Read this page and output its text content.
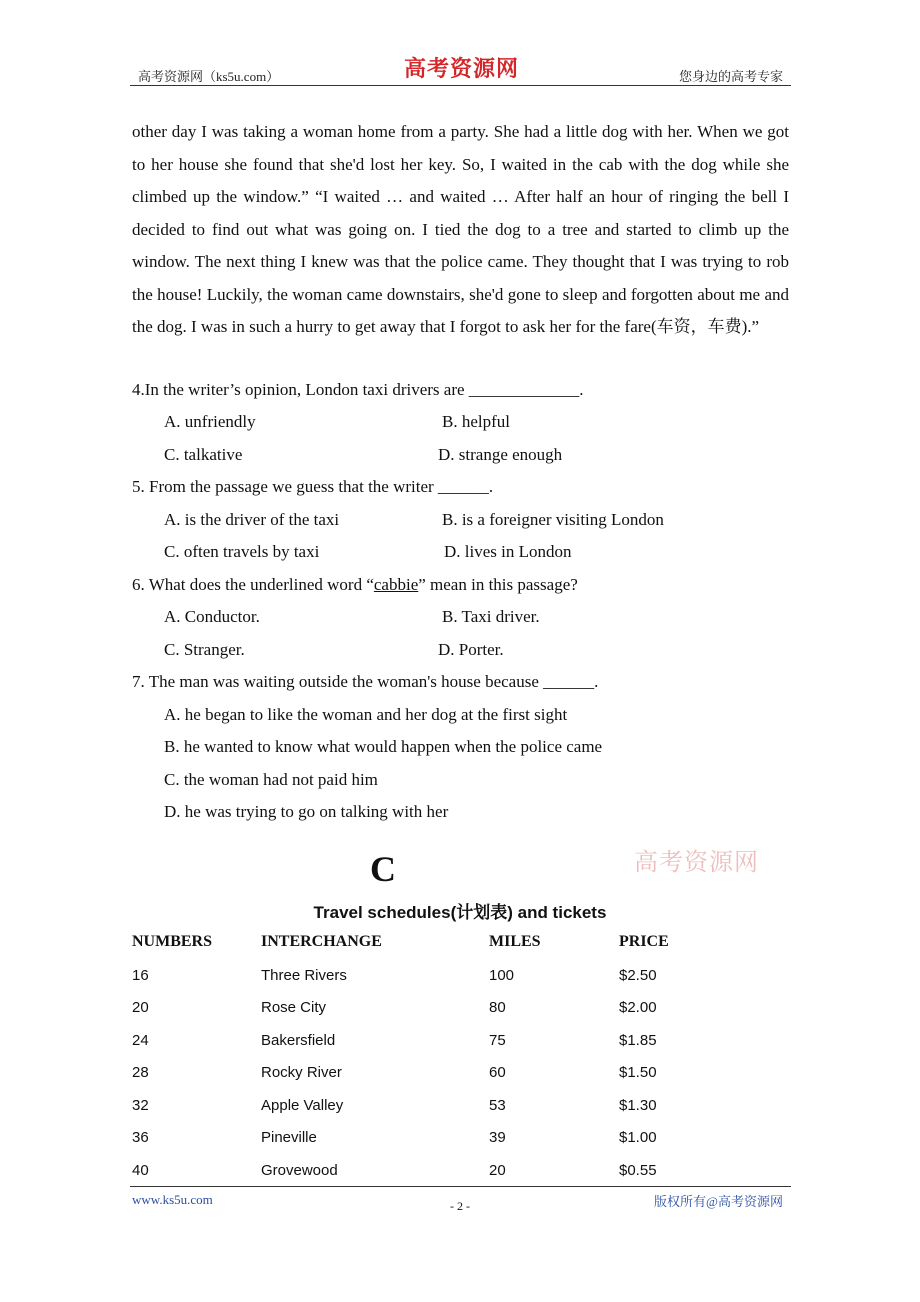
高考资源网（ks5u.com）	高考资源网	您身边的高考专家
other day I was taking a woman home from a party. She had a little dog with her. When we got to her house she found that she'd lost her key. So, I waited in the cab with the dog while she climbed up the window.” “I waited … and waited … After half an hour of ringing the bell I decided to find out what was going on. I tied the dog to a tree and started to climb up the window. The next thing I knew was that the police came. They thought that I was trying to rob the house! Luckily, the woman came downstairs, she'd gone to sleep and forgotten about me and the dog. I was in such a hurry to get away that I forgot to ask her for the fare(车资，车费).”
4.In the writer’s opinion, London taxi drivers are _____________.
A. unfriendly	B. helpful
C. talkative	D. strange enough
5. From the passage we guess that the writer ______.
A. is the driver of the taxi	B. is a foreigner visiting London
C. often travels by taxi	D. lives in London
6. What does the underlined word “cabbie” mean in this passage?
A. Conductor.	B. Taxi driver.
C. Stranger.	D. Porter.
7. The man was waiting outside the woman's house because ______.
A. he began to like the woman and her dog at the first sight
B. he wanted to know what would happen when the police came
C. the woman had not paid him
D. he was trying to go on talking with her
高考资源网
C
Travel schedules(计划表) and tickets
NUMBERS	INTERCHANGE	MILES	PRICE
16	Three Rivers	100	$2.50
20	Rose City	80	$2.00
24	Bakersfield	75	$1.85
28	Rocky River	60	$1.50
32	Apple Valley	53	$1.30
36	Pineville	39	$1.00
40	Grovewood	20	$0.55
www.ks5u.com	- 2 -	版权所有@高考资源网
